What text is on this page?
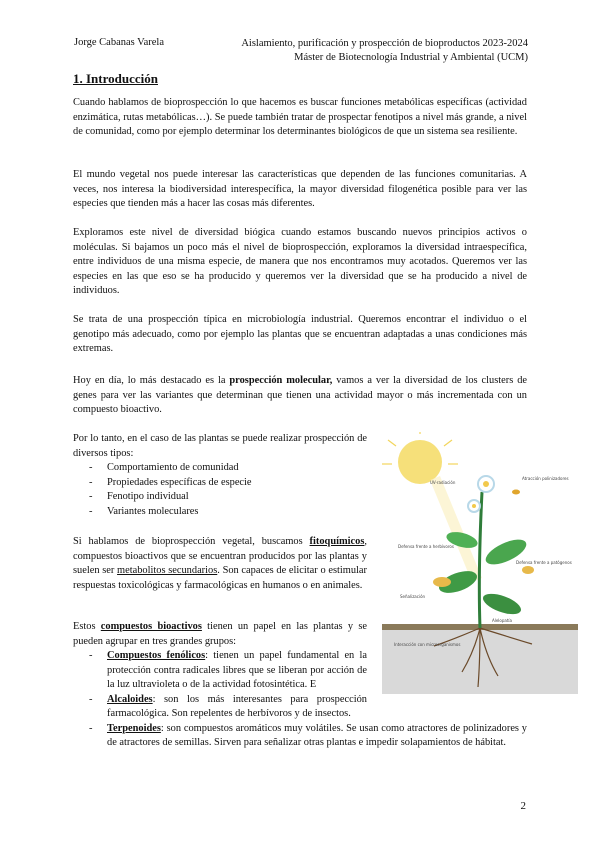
Jorge Cabanas Varela	Aislamiento, purificación y prospección de bioproductos 2023-2024
Máster de Biotecnología Industrial y Ambiental (UCM)
1. Introducción

Cuando hablamos de bioprospección lo que hacemos es buscar funciones metabólicas específicas (actividad enzimática, rutas metabólicas…). Se puede también tratar de prospectar fenotipos a nivel más grande, a nivel de comunidad, como por ejemplo determinar los determinantes biológicos de que un sistema sea resiliente.

El mundo vegetal nos puede interesar las características que dependen de las funciones comunitarias. A veces, nos interesa la biodiversidad interespecífica, la mayor diversidad filogenética posible para ver las especies que tienden más a hacer las cosas más diferentes.

Exploramos este nivel de diversidad biógica cuando estamos buscando nuevos principios activos o moléculas. Si bajamos un poco más el nivel de bioprospección, exploramos la diversidad intraespecífica, entre individuos de una misma especie, de manera que nos encontramos muy acotados. Queremos ver las especies en las que eso se ha producido y queremos ver la diversidad que se ha producido a nivel de individuos.

Se trata de una prospección típica en microbiología industrial. Queremos encontrar el individuo o el genotipo más adecuado, como por ejemplo las plantas que se encuentran adaptadas a unas condiciones más extremas.

Hoy en día, lo más destacado es la prospección molecular, vamos a ver la diversidad de los clusters de genes para ver las variantes que determinan que tienen una actividad mayor o más incrementada con un compuesto bioactivo.

Por lo tanto, en el caso de las plantas se puede realizar prospección de diversos tipos:
- Comportamiento de comunidad
- Propiedades específicas de especie
- Fenotipo individual
- Variantes moleculares

Si hablamos de bioprospección vegetal, buscamos fitoquímicos, compuestos bioactivos que se encuentran producidos por las plantas y suelen ser metabolitos secundarios. Son capaces de elicitar o estimular respuestas toxicológicas y farmacológicas en humanos o en animales.

Estos compuestos bioactivos tienen un papel en las plantas y se pueden agrupar en tres grandes grupos:
- Compuestos fenólicos: tienen un papel fundamental en la protección contra radicales libres que se liberan por acción de la luz ultravioleta o de la actividad fotosintética. E
- Alcaloides: son los más interesantes para prospección farmacológica. Son repelentes de herbívoros y de insectos.
- Terpenoides: son compuestos aromáticos muy volátiles. Se usan como atractores de polinizadores y de atractores de semillas. Sirven para señalizar otras plantas e impedir solapamientos de hábitat.
UV-radiación
Atracción polinizadores
Defensa frente a herbívoros
Defensa frente a patógenos
Señalización
Alelopatía
Interacción con microorganismos
2
